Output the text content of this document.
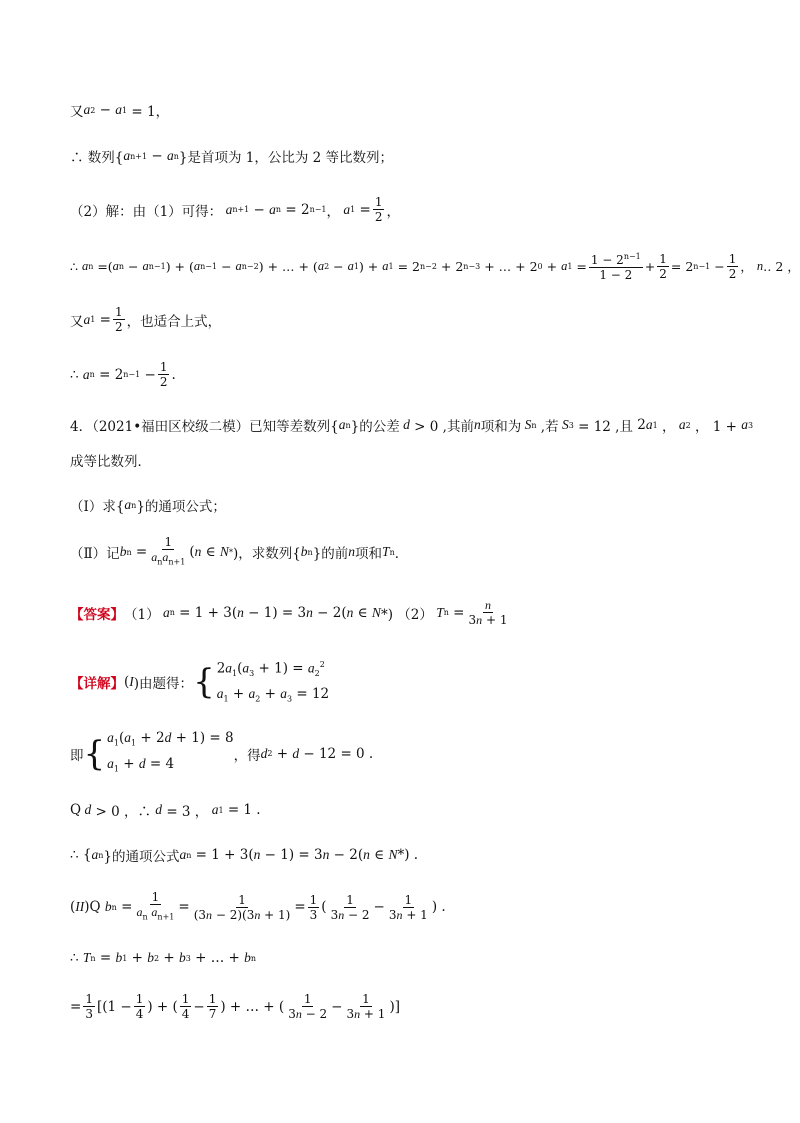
又 a 2 − a 1 = 1，
∴ 数列{ a n+1 − a n }是首项为 1，公比为 2 等比数列；
（2）解：由（1）可得： a n+1 − a n = 2 n−1 ， a $1 = \frac{1}{2}$ ，
∴ a n =( a n − a n−1 ) + ( a n−1 − a n−2 ) + … + ( a 2 − a 1 ) + a 1 = 2 n−2 + 2 n−3 + … + 2 0 + a $1 = \frac{1 - 2^{n-1}}{1 - 2} + \frac{1}{2} = 2$ $n-1 - \frac{1}{2}$ ， n ‥ 2 ，
又 a $1 = \frac{1}{2}$ ，也适合上式，
∴ a n = 2 $n-1 - \frac{1}{2}$ .
4．（2021•福田区校级二模）已知等差数列{ a n }的公差 d > 0 ,其前 n 项和为 S n ,若 S 3 = 12 ,且 2 a 1 ， a 2 ， 1 + a 3
成等比数列．
（Ⅰ）求{ a n }的通项公式；
（Ⅱ）记 b $n = \frac{1}{a_na_{n+1}}$ ( n ∈ N * )，求数列{ b n }的前 n 项和 T n ．
【答案】 （1） a n = 1 + 3( n − 1) = 3 n − 2( n ∈ N *) （2） T $n = \frac{n}{3n + 1}$
【详解】 ( I )由题得： { $2a_1(a_3 + 1) = a_2^2$
$a_1 + a_2 + a_3 = 12$
即 { $a_1(a_1 + 2d + 1) = 8$
$a_1 + d = 4$	，得 d 2 + d − 12 = 0 .
Q d > 0 ，∴ d = 3 ， a 1 = 1 .
∴ { a n }的通项公式 a n = 1 + 3( n − 1) = 3 n − 2( n ∈ N *) .
( II )Q b $n = \frac{1}{a_n a_{n+1}} = \frac{1}{(3n - 2)(3n + 1)} = \frac{1}{3}$ ( $\frac{1}{3n - 2} - \frac{1}{3n + 1}$ ) .
∴ T n = b 1 + b 2 + b 3 + … + b n
= $\frac{1}{3} [(1 - \frac{1}{4}$ ) + ( $\frac{1}{4} - \frac{1}{7}$ ) + … + ( $\frac{1}{3n - 2} - \frac{1}{3n + 1}$ )]
